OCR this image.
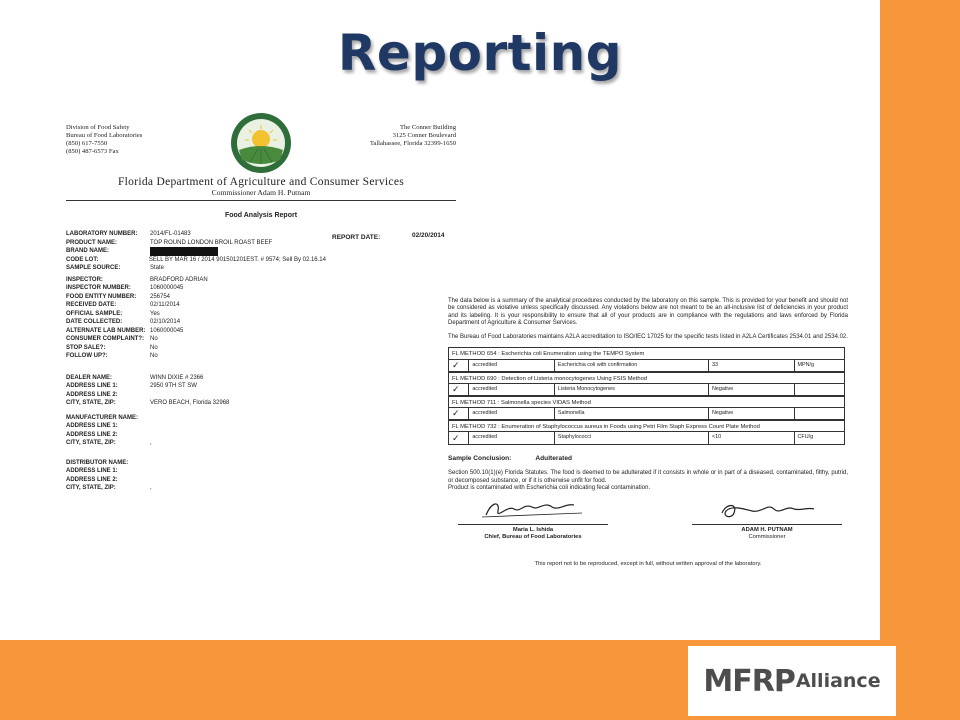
Reporting
MFRP Alliance
Division of Food Safety
Bureau of Food Laboratories
(850) 617-7550
(850) 487-6573 Fax
The Conner Building
3125 Conner Boulevard
Tallahassee, Florida 32399-1650
Florida Department of Agriculture and Consumer Services
Commissioner Adam H. Putnam
Food Analysis Report
REPORT DATE:	02/20/2014
LABORATORY NUMBER:	2014/FL-01483
PRODUCT NAME:	TOP ROUND LONDON BROIL ROAST BEEF
BRAND NAME:
CODE LOT:	SELL BY MAR 16 / 2014 901501201EST. # 9574; Sell By 02.16.14
SAMPLE SOURCE:	State
INSPECTOR:	BRADFORD ADRIAN
INSPECTOR NUMBER:	1060000045
FOOD ENTITY NUMBER:	256754
RECEIVED DATE:	02/11/2014
OFFICIAL SAMPLE:	Yes
DATE COLLECTED:	02/10/2014
ALTERNATE LAB NUMBER: 1060000045
CONSUMER COMPLAINT?:	No
STOP SALE?:	No
FOLLOW UP?:	No
DEALER NAME:	WINN DIXIE # 2366
ADDRESS LINE 1:	2950 9TH ST SW
ADDRESS LINE 2:
CITY, STATE, ZIP:	VERO BEACH, Florida 32968
MANUFACTURER NAME:
ADDRESS LINE 1:
ADDRESS LINE 2:
CITY, STATE, ZIP:	,
DISTRIBUTOR NAME:
ADDRESS LINE 1:
ADDRESS LINE 2:
CITY, STATE, ZIP:	,

The data below is a summary of the analytical procedures conducted by the laboratory on this sample. This is provided for your benefit and should not be considered as violative unless specifically discussed. Any violations below are not meant to be an all-inclusive list of deficiencies in your product and its labeling. It is your responsibility to ensure that all of your products are in compliance with the regulations and laws enforced by Florida Department of Agriculture & Consumer Services.

The Bureau of Food Laboratories maintains A2LA accreditation to ISO/IEC 17025 for the specific tests listed in A2LA Certificates 2534.01 and 2534.02.

FL METHOD 654 : Escherichia coli Enumeration using the TEMPO System
✓	accredited	Escherichia coli with confirmation	33	MPN/g
FL METHOD 690 : Detection of Listeria monocytogenes Using FSIS Method
✓	accredited	Listeria Monocytogenes	Negative
FL METHOD 711 : Salmonella species VIDAS Method
✓	accredited	Salmonella	Negative
FL METHOD 732 : Enumeration of Staphylococcus aureus in Foods using Petri Film Staph Express Count Plate Method
✓	accredited	Staphylococci	<10	CFU/g
Sample Conclusion:	Adulterated

Section 500.10(1)(e) Florida Statutes. The food is deemed to be adulterated if it consists in whole or in part of a diseased, contaminated, filthy, putrid, or decomposed substance, or if it is otherwise unfit for food.

Product is contaminated with Escherichia coli indicating fecal contamination.

Maria L. Ishida
Chief, Bureau of Food Laboratories
ADAM H. PUTNAM
Commissioner
This report not to be reproduced, except in full, without written approval of the laboratory.
